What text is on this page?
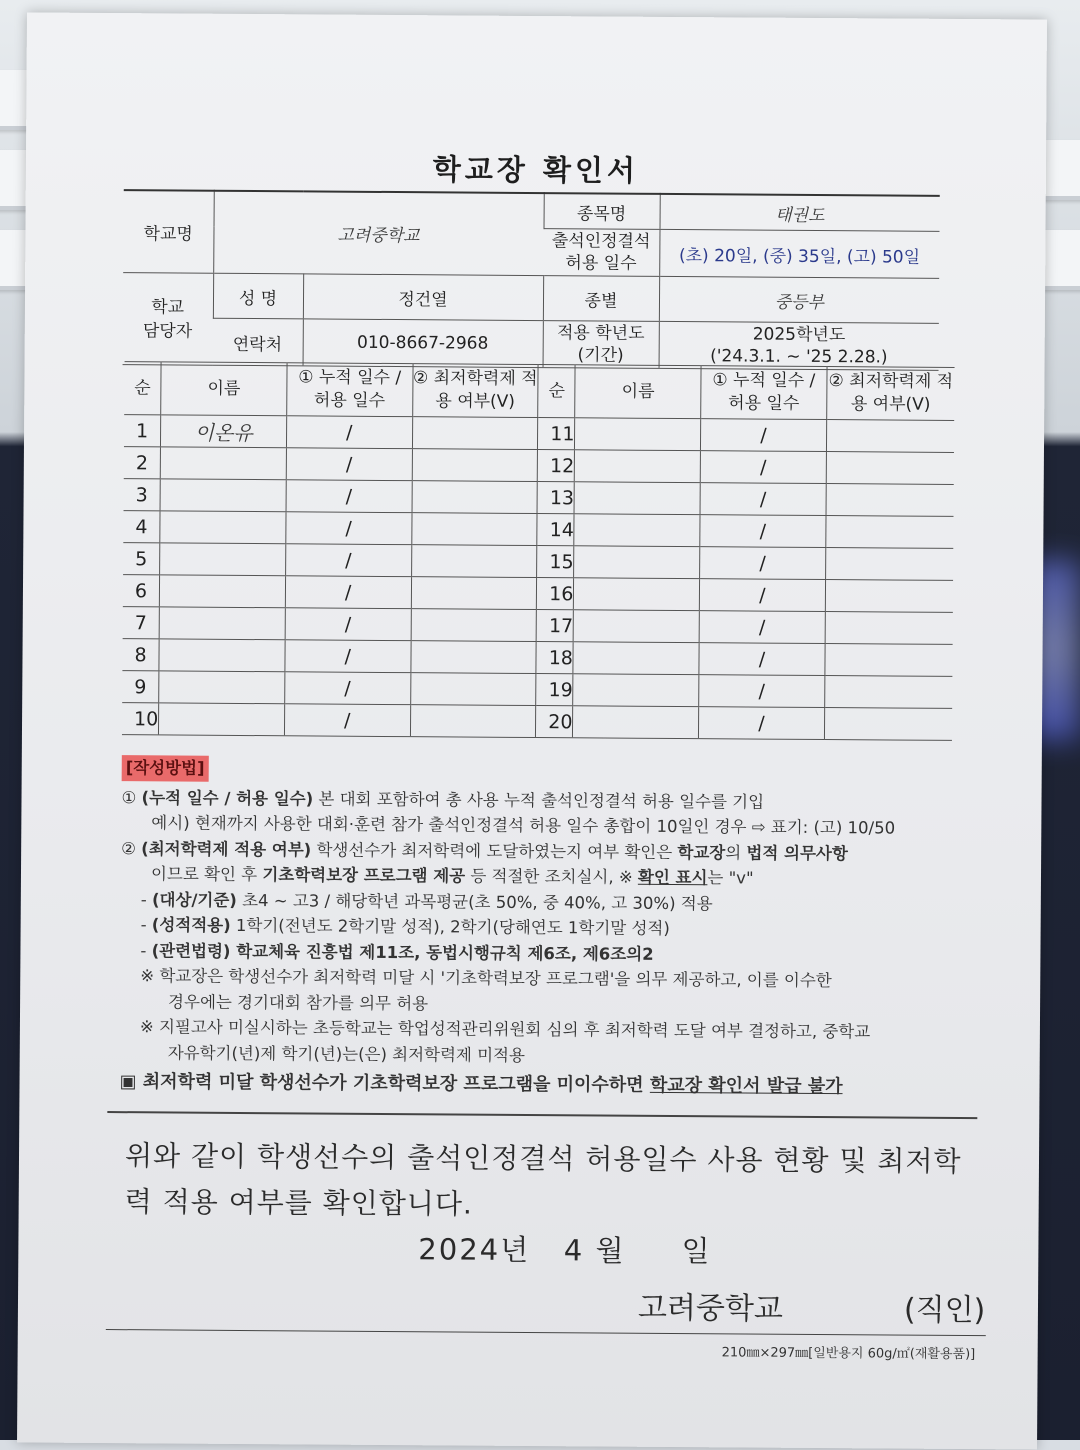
학교장 확인서
학교명	고려중학교		종목명	태권도
			출석인정결석 허용 일수	(초) 20일, (중) 35일, (고) 50일
학교 담당자	성 명	정건열	종별	중등부
	연락처	010-8667-2968	적용 학년도 (기간)	2025학년도
('24.3.1. ~ '25 2.28.)
순	이름	① 누적 일수 / 허용 일수	② 최저학력제 적용 여부(V)	순	이름	① 누적 일수 / 허용 일수	② 최저학력제 적용 여부(V)
1	이온유	/		11		/	
2		/		12		/	
3		/		13		/	
4		/		14		/	
5		/		15		/	
6		/		16		/	
7		/		17		/	
8		/		18		/	
9		/		19		/	
10		/		20		/	
[작성방법]
① (누적 일수 / 허용 일수) 본 대회 포함하여 총 사용 누적 출석인정결석 허용 일수를 기입
예시) 현재까지 사용한 대회·훈련 참가 출석인정결석 허용 일수 총합이 10일인 경우 ⇨ 표기: (고) 10/50
② (최저학력제 적용 여부) 학생선수가 최저학력에 도달하였는지 여부 확인은 학교장의 법적 의무사항
이므로 확인 후 기초학력보장 프로그램 제공 등 적절한 조치실시, ※ 확인 표시는 "v"
- (대상/기준) 초4 ~ 고3 / 해당학년 과목평균(초 50%, 중 40%, 고 30%) 적용
- (성적적용) 1학기(전년도 2학기말 성적), 2학기(당해연도 1학기말 성적)
- (관련법령) 학교체육 진흥법 제11조, 동법시행규칙 제6조, 제6조의2
※ 학교장은 학생선수가 최저학력 미달 시 '기초학력보장 프로그램'을 의무 제공하고, 이를 이수한
경우에는 경기대회 참가를 의무 허용
※ 지필고사 미실시하는 초등학교는 학업성적관리위원회 심의 후 최저학력 도달 여부 결정하고, 중학교
자유학기(년)제 학기(년)는(은) 최저학력제 미적용
▣ 최저학력 미달 학생선수가 기초학력보장 프로그램을 미이수하면 학교장 확인서 발급 불가
위와 같이 학생선수의 출석인정결석 허용일수 사용 현황 및 최저학력 적용 여부를 확인합니다.
2024년   4 월     일
고려중학교	(직인)
210㎜×297㎜[일반용지 60g/㎡(재활용품)]
